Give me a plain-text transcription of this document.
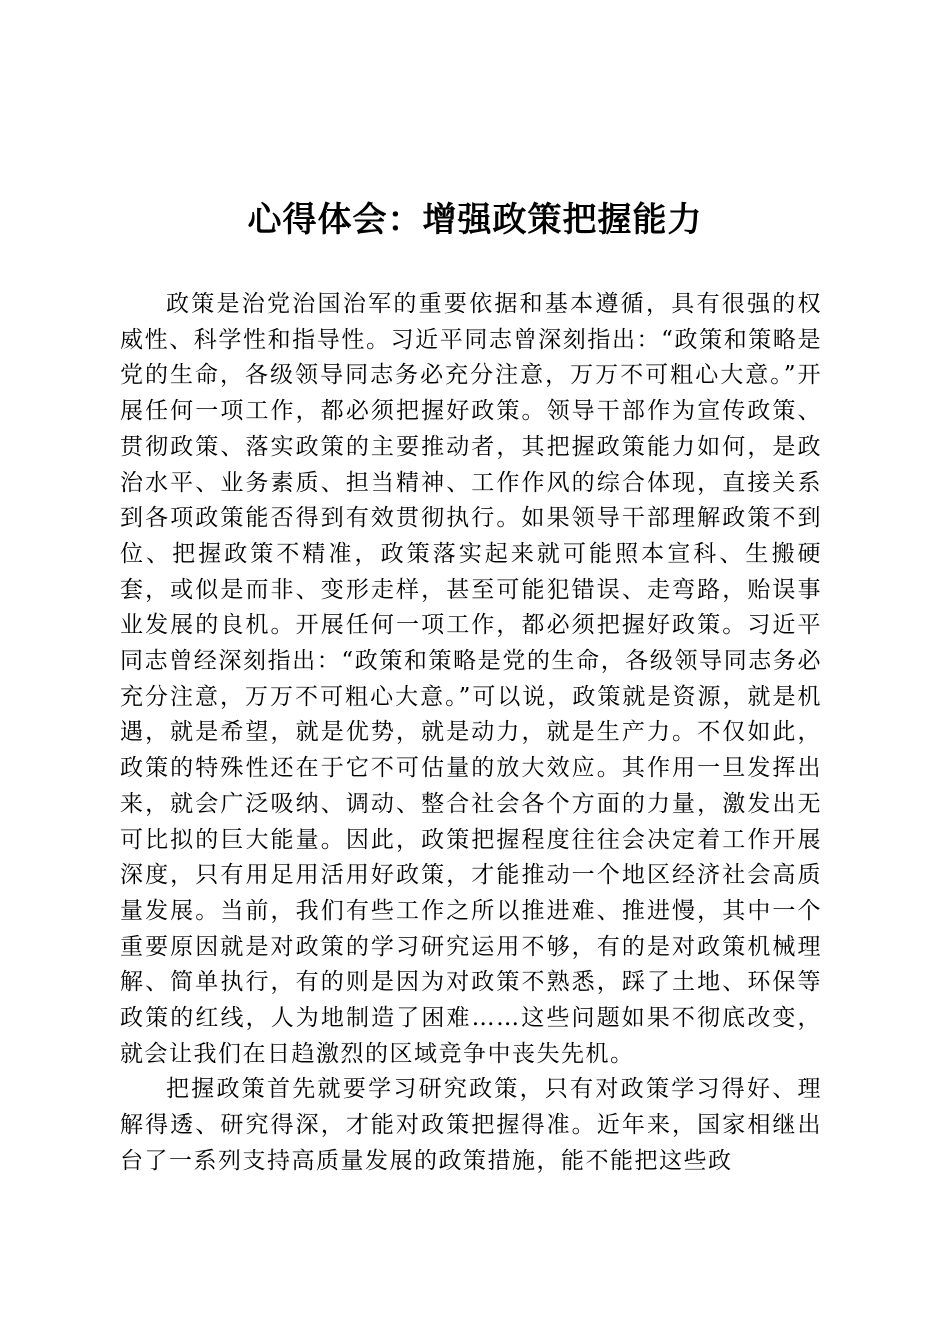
心得体会：增强政策把握能力

政策是治党治国治军的重要依据和基本遵循，具有很强的权威性、科学性和指导性。习近平同志曾深刻指出：“政策和策略是党的生命，各级领导同志务必充分注意，万万不可粗心大意。”开展任何一项工作，都必须把握好政策。领导干部作为宣传政策、贯彻政策、落实政策的主要推动者，其把握政策能力如何，是政治水平、业务素质、担当精神、工作作风的综合体现，直接关系到各项政策能否得到有效贯彻执行。如果领导干部理解政策不到位、把握政策不精准，政策落实起来就可能照本宣科、生搬硬套，或似是而非、变形走样，甚至可能犯错误、走弯路，贻误事业发展的良机。开展任何一项工作，都必须把握好政策。习近平同志曾经深刻指出：“政策和策略是党的生命，各级领导同志务必充分注意，万万不可粗心大意。”可以说，政策就是资源，就是机遇，就是希望，就是优势，就是动力，就是生产力。不仅如此，政策的特殊性还在于它不可估量的放大效应。其作用一旦发挥出来，就会广泛吸纳、调动、整合社会各个方面的力量，激发出无可比拟的巨大能量。因此，政策把握程度往往会决定着工作开展深度，只有用足用活用好政策，才能推动一个地区经济社会高质量发展。当前，我们有些工作之所以推进难、推进慢，其中一个重要原因就是对政策的学习研究运用不够，有的是对政策机械理解、简单执行，有的则是因为对政策不熟悉，踩了土地、环保等政策的红线，人为地制造了困难……这些问题如果不彻底改变，就会让我们在日趋激烈的区域竞争中丧失先机。

把握政策首先就要学习研究政策，只有对政策学习得好、理解得透、研究得深，才能对政策把握得准。近年来，国家相继出台了一系列支持高质量发展的政策措施，能不能把这些政
